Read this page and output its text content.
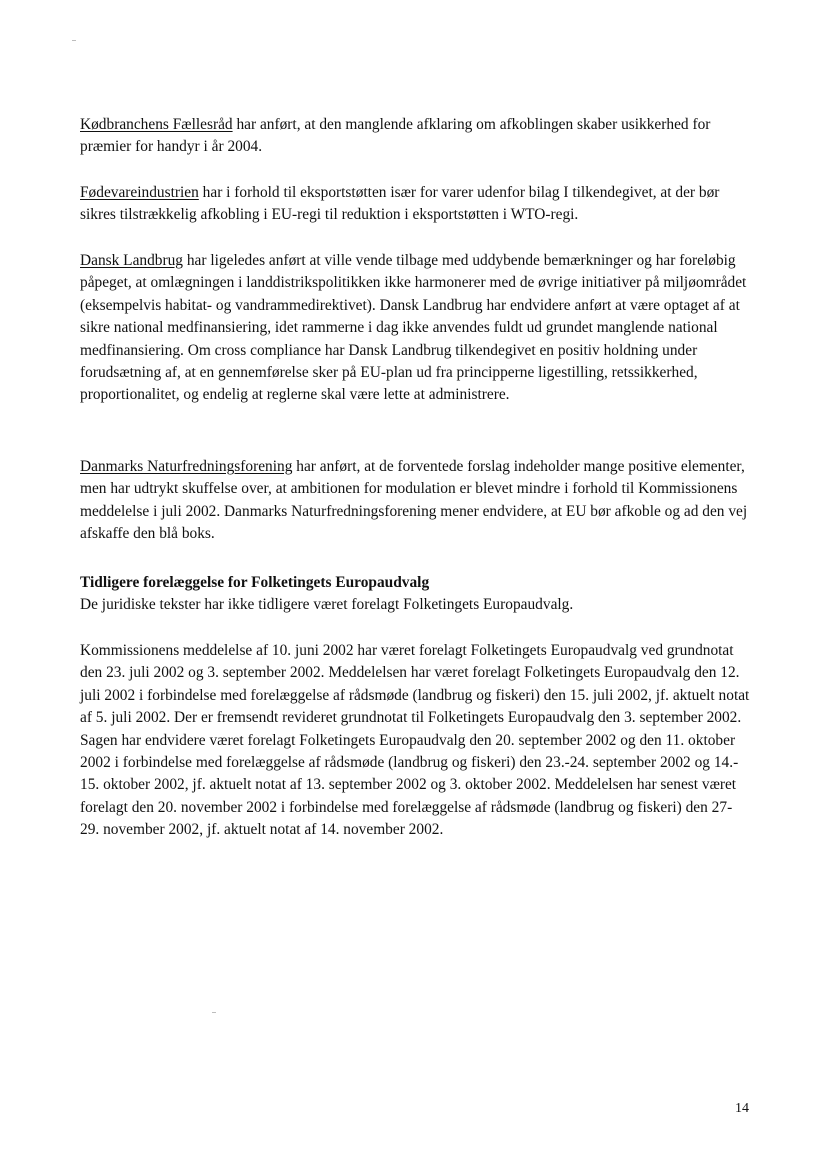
Kødbranchens Fællesråd har anført, at den manglende afklaring om afkoblingen skaber usikkerhed for præmier for handyr i år 2004.

Fødevareindustrien har i forhold til eksportstøtten især for varer udenfor bilag I tilkendegivet, at der bør sikres tilstrækkelig afkobling i EU-regi til reduktion i eksportstøtten i WTO-regi.

Dansk Landbrug har ligeledes anført at ville vende tilbage med uddybende bemærkninger og har foreløbig påpeget, at omlægningen i landdistrikspolitikken ikke harmonerer med de øvrige initiativer på miljøområdet (eksempelvis habitat- og vandrammedirektivet). Dansk Landbrug har endvidere anført at være optaget af at sikre national medfinansiering, idet rammerne i dag ikke anvendes fuldt ud grundet manglende national medfinansiering. Om cross compliance har Dansk Landbrug tilkendegivet en positiv holdning under forudsætning af, at en gennemførelse sker på EU-plan ud fra principperne ligestilling, retssikkerhed, proportionalitet, og endelig at reglerne skal være lette at administrere.

Danmarks Naturfredningsforening har anført, at de forventede forslag indeholder mange positive elementer, men har udtrykt skuffelse over, at ambitionen for modulation er blevet mindre i forhold til Kommissionens meddelelse i juli 2002. Danmarks Naturfredningsforening mener endvidere, at EU bør afkoble og ad den vej afskaffe den blå boks.

Tidligere forelæggelse for Folketingets Europaudvalg
De juridiske tekster har ikke tidligere været forelagt Folketingets Europaudvalg.

Kommissionens meddelelse af 10. juni 2002 har været forelagt Folketingets Europaudvalg ved grundnotat den 23. juli 2002 og 3. september 2002. Meddelelsen har været forelagt Folketingets Europaudvalg den 12. juli 2002 i forbindelse med forelæggelse af rådsmøde (landbrug og fiskeri) den 15. juli 2002, jf. aktuelt notat af 5. juli 2002. Der er fremsendt revideret grundnotat til Folketingets Europaudvalg den 3. september 2002. Sagen har endvidere været forelagt Folketingets Europaudvalg den 20. september 2002 og den 11. oktober 2002 i forbindelse med forelæggelse af rådsmøde (landbrug og fiskeri) den 23.-24. september 2002 og 14.- 15. oktober 2002, jf. aktuelt notat af 13. september 2002 og 3. oktober 2002. Meddelelsen har senest været forelagt den 20. november 2002 i forbindelse med forelæggelse af rådsmøde (landbrug og fiskeri) den 27- 29. november 2002, jf. aktuelt notat af 14. november 2002.

14
